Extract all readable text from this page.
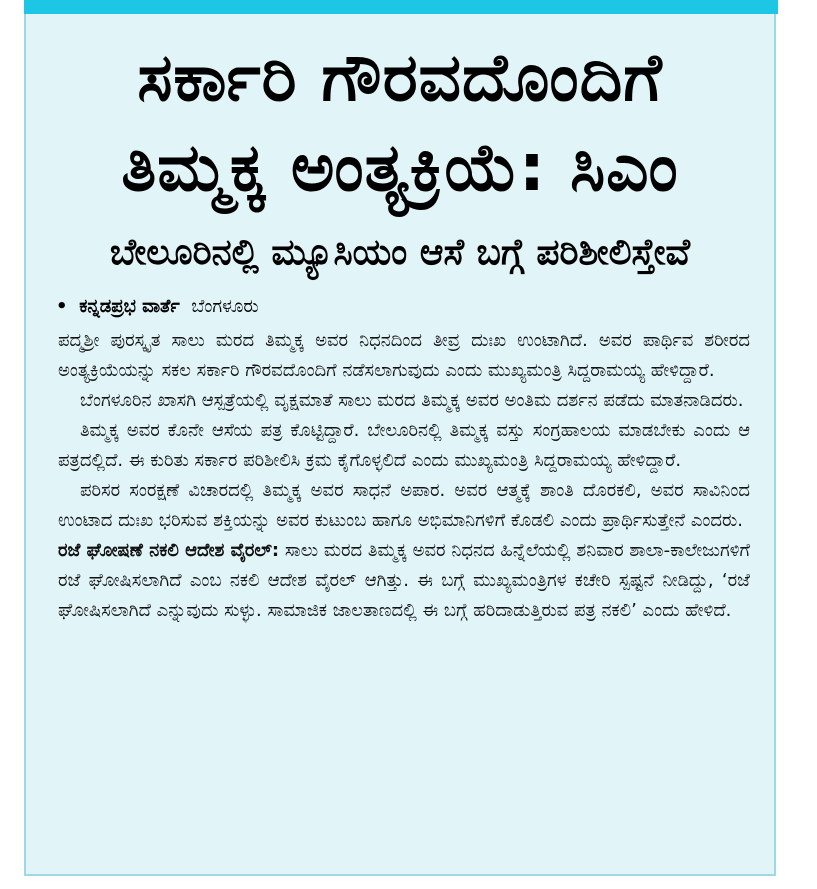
ಸರ್ಕಾರಿ ಗೌರವದೊಂದಿಗೆ
ತಿಮ್ಮಕ್ಕ ಅಂತ್ಯಕ್ರಿಯೆ: ಸಿಎಂ
ಬೇಲೂರಿನಲ್ಲಿ ಮ್ಯೂಸಿಯಂ ಆಸೆ ಬಗ್ಗೆ ಪರಿಶೀಲಿಸ್ತೇವೆ
• ಕನ್ನಡಪ್ರಭ ವಾರ್ತೆ ಬೆಂಗಳೂರು

ಪದ್ಮಶ್ರೀ ಪುರಸ್ಕೃತ ಸಾಲು ಮರದ ತಿಮ್ಮಕ್ಕ ಅವರ ನಿಧನದಿಂದ ತೀವ್ರ ದುಃಖ ಉಂಟಾಗಿದೆ. ಅವರ ಪಾರ್ಥಿವ ಶರೀರದ ಅಂತ್ಯಕ್ರಿಯೆಯನ್ನು ಸಕಲ ಸರ್ಕಾರಿ ಗೌರವದೊಂದಿಗೆ ನಡೆಸಲಾಗುವುದು ಎಂದು ಮುಖ್ಯಮಂತ್ರಿ ಸಿದ್ದರಾಮಯ್ಯ ಹೇಳಿದ್ದಾರೆ.

ಬೆಂಗಳೂರಿನ ಖಾಸಗಿ ಆಸ್ಪತ್ರೆಯಲ್ಲಿ ವೃಕ್ಷಮಾತೆ ಸಾಲು ಮರದ ತಿಮ್ಮಕ್ಕ ಅವರ ಅಂತಿಮ ದರ್ಶನ ಪಡೆದು ಮಾತನಾಡಿದರು.

ತಿಮ್ಮಕ್ಕ ಅವರ ಕೊನೇ ಆಸೆಯ ಪತ್ರ ಕೊಟ್ಟಿದ್ದಾರೆ. ಬೇಲೂರಿನಲ್ಲಿ ತಿಮ್ಮಕ್ಕ ವಸ್ತು ಸಂಗ್ರಹಾಲಯ ಮಾಡಬೇಕು ಎಂದು ಆ ಪತ್ರದಲ್ಲಿದೆ. ಈ ಕುರಿತು ಸರ್ಕಾರ ಪರಿಶೀಲಿಸಿ ಕ್ರಮ ಕೈಗೊಳ್ಳಲಿದೆ ಎಂದು ಮುಖ್ಯಮಂತ್ರಿ ಸಿದ್ದರಾಮಯ್ಯ ಹೇಳಿದ್ದಾರೆ.

ಪರಿಸರ ಸಂರಕ್ಷಣೆ ವಿಚಾರದಲ್ಲಿ ತಿಮ್ಮಕ್ಕ ಅವರ ಸಾಧನೆ ಅಪಾರ. ಅವರ ಆತ್ಮಕ್ಕೆ ಶಾಂತಿ ದೊರಕಲಿ, ಅವರ ಸಾವಿನಿಂದ ಉಂಟಾದ ದುಃಖ ಭರಿಸುವ ಶಕ್ತಿಯನ್ನು ಅವರ ಕುಟುಂಬ ಹಾಗೂ ಅಭಿಮಾನಿಗಳಿಗೆ ಕೊಡಲಿ ಎಂದು ಪ್ರಾರ್ಥಿಸುತ್ತೇನೆ ಎಂದರು.

ರಜೆ ಘೋಷಣೆ ನಕಲಿ ಆದೇಶ ವೈರಲ್: ಸಾಲು ಮರದ ತಿಮ್ಮಕ್ಕ ಅವರ ನಿಧನದ ಹಿನ್ನೆಲೆಯಲ್ಲಿ ಶನಿವಾರ ಶಾಲಾ-ಕಾಲೇಜುಗಳಿಗೆ ರಜೆ ಘೋಷಿಸಲಾಗಿದೆ ಎಂಬ ನಕಲಿ ಆದೇಶ ವೈರಲ್ ಆಗಿತ್ತು. ಈ ಬಗ್ಗೆ ಮುಖ್ಯಮಂತ್ರಿಗಳ ಕಚೇರಿ ಸ್ಪಷ್ಟನೆ ನೀಡಿದ್ದು, ‘ರಜೆ ಘೋಷಿಸಲಾಗಿದೆ ಎನ್ನುವುದು ಸುಳ್ಳು. ಸಾಮಾಜಿಕ ಜಾಲತಾಣದಲ್ಲಿ ಈ ಬಗ್ಗೆ ಹರಿದಾಡುತ್ತಿರುವ ಪತ್ರ ನಕಲಿ’ ಎಂದು ಹೇಳಿದೆ.
